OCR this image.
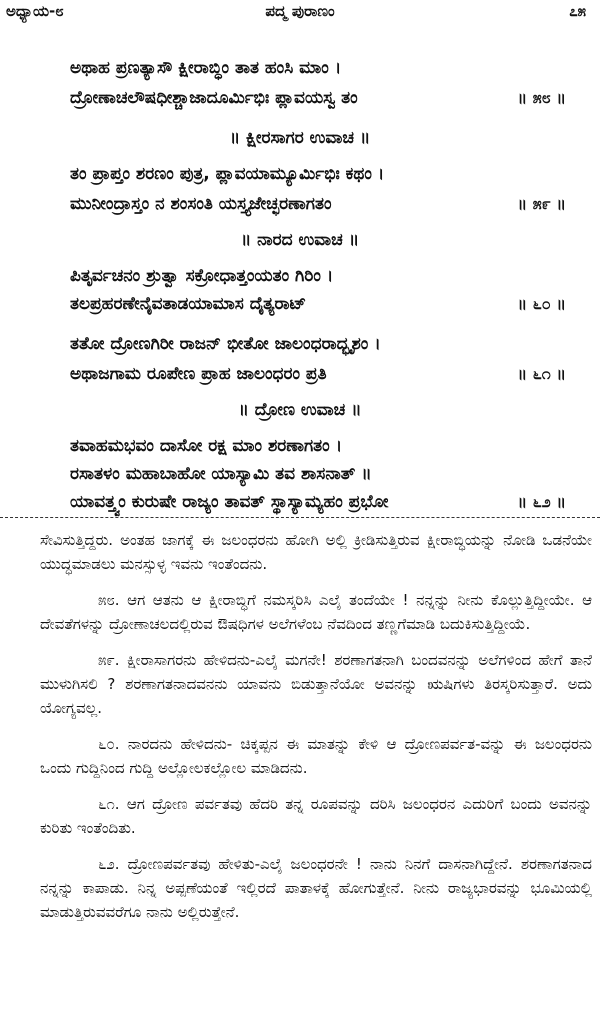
ಅಧ್ಯಾಯ-೮	ಪದ್ಮ ಪುರಾಣಂ	೭೫
ಅಥಾಹ ಪ್ರಣತ್ಯಾಸೌ ಕ್ಷೀರಾಬ್ಧಿಂ ತಾತ ಹಂಸಿ ಮಾಂ ।
ದ್ರೋಣಾಚಲೌಷಧೀಶ್ಚಾಜಾದೂರ್ಮಿಭಿಃ ಪ್ಲಾವಯಸ್ವ ತಂ	॥ ೫೮ ॥
॥ ಕ್ಷೀರಸಾಗರ ಉವಾಚ ॥
ತಂ ಪ್ರಾಪ್ತಂ ಶರಣಂ ಪುತ್ರ, ಪ್ಲಾವಯಾಮ್ಯೂರ್ಮಿಭಿಃ ಕಥಂ ।
ಮುನೀಂದ್ರಾಸ್ತಂ ನ ಶಂಸಂತಿ ಯಸ್ತ್ಯಜೇಚ್ಛರಣಾಗತಂ	॥ ೫೯ ॥
॥ ನಾರದ ಉವಾಚ ॥
ಪಿತೃರ್ವಚನಂ ಶ್ರುತ್ವಾ ಸಕ್ರೋಧಾತ್ತಂಯತಂ ಗಿರಿಂ ।
ತಲಪ್ರಹರಣೇನೈವತಾಡಯಾಮಾಸ ದೈತ್ಯರಾಟ್	॥ ೬೦ ॥
ತತೋ ದ್ರೋಣಗಿರೀ ರಾಜನ್ ಭೀತೋ ಜಾಲಂಧರಾದ್ಭೃಶಂ ।
ಅಥಾಜಗಾಮ ರೂಪೇಣ ಪ್ರಾಹ ಜಾಲಂಧರಂ ಪ್ರತಿ	॥ ೬೧ ॥
॥ ದ್ರೋಣ ಉವಾಚ ॥
ತವಾಹಮಭವಂ ದಾಸೋ ರಕ್ಷ ಮಾಂ ಶರಣಾಗತಂ ।
ರಸಾತಳಂ ಮಹಾಬಾಹೋ ಯಾಸ್ಯಾಮಿ ತವ ಶಾಸನಾತ್ ॥
ಯಾವತ್ತ್ವಂ ಕುರುಷೇ ರಾಜ್ಯಂ ತಾವತ್ ಸ್ಥಾಸ್ಯಾಮ್ಯಹಂ ಪ್ರಭೋ	॥ ೬೨ ॥

ಸೇವಿಸುತ್ತಿದ್ದರು. ಅಂತಹ ಜಾಗಕ್ಕೆ ಈ ಜಲಂಧರನು ಹೋಗಿ ಅಲ್ಲಿ ಕ್ರೀಡಿಸುತ್ತಿರುವ ಕ್ಷೀರಾಬ್ಧಿಯನ್ನು ನೋಡಿ ಒಡನೆಯೇ ಯುದ್ಧಮಾಡಲು ಮನಸ್ಸುಳ್ಳ ಇವನು ಇಂತೆಂದನು.

೫೮. ಆಗ ಆತನು ಆ ಕ್ಷೀರಾಬ್ಧಿಗೆ ನಮಸ್ಕರಿಸಿ ಎಲೈ ತಂದೆಯೇ ! ನನ್ನನ್ನು ನೀನು ಕೊಲ್ಲುತ್ತಿದ್ದೀಯೇ. ಆ ದೇವತೆಗಳನ್ನು ದ್ರೋಣಾಚಲದಲ್ಲಿರುವ ಔಷಧಿಗಳ ಅಲೆಗಳೆಂಬ ನೆವದಿಂದ ತಣ್ಣಗೆಮಾಡಿ ಬದುಕಿಸುತ್ತಿದ್ದೀಯೆ.

೫೯. ಕ್ಷೀರಾಸಾಗರನು ಹೇಳಿದನು-ಎಲೈ ಮಗನೇ! ಶರಣಾಗತನಾಗಿ ಬಂದವನನ್ನು ಅಲೆಗಳಿಂದ ಹೇಗೆ ತಾನೆ ಮುಳುಗಿಸಲಿ ? ಶರಣಾಗತನಾದವನನು ಯಾವನು ಬಿಡುತ್ತಾನೆಯೋ ಅವನನ್ನು ಋಷಿಗಳು ತಿರಸ್ಕರಿಸುತ್ತಾರೆ. ಅದು ಯೋಗ್ಯವಲ್ಲ.

೬೦. ನಾರದನು ಹೇಳಿದನು- ಚಿಕ್ಕಪ್ಪನ ಈ ಮಾತನ್ನು ಕೇಳಿ ಆ ದ್ರೋಣಪರ್ವತ-ವನ್ನು ಈ ಜಲಂಧರನು ಒಂದು ಗುದ್ದಿನಿಂದ ಗುದ್ದಿ ಅಲ್ಲೋಲಕಲ್ಲೋಲ ಮಾಡಿದನು.

೬೧. ಆಗ ದ್ರೋಣ ಪರ್ವತವು ಹೆದರಿ ತನ್ನ ರೂಪವನ್ನು ದರಿಸಿ ಜಲಂಧರನ ಎದುರಿಗೆ ಬಂದು ಅವನನ್ನು ಕುರಿತು ಇಂತೆಂದಿತು.

೬೨. ದ್ರೋಣಪರ್ವತವು ಹೇಳಿತು-ಎಲೈ ಜಲಂಧರನೇ ! ನಾನು ನಿನಗೆ ದಾಸನಾಗಿದ್ದೇನೆ. ಶರಣಾಗತನಾದ ನನ್ನನ್ನು ಕಾಪಾಡು. ನಿನ್ನ ಅಪ್ಪಣೆಯಂತೆ ಇಲ್ಲಿರದೆ ಪಾತಾಳಕ್ಕೆ ಹೋಗುತ್ತೇನೆ. ನೀನು ರಾಜ್ಯಭಾರವನ್ನು ಭೂಮಿಯಲ್ಲಿ ಮಾಡುತ್ತಿರುವವರೆಗೂ ನಾನು ಅಲ್ಲಿರುತ್ತೇನೆ.
